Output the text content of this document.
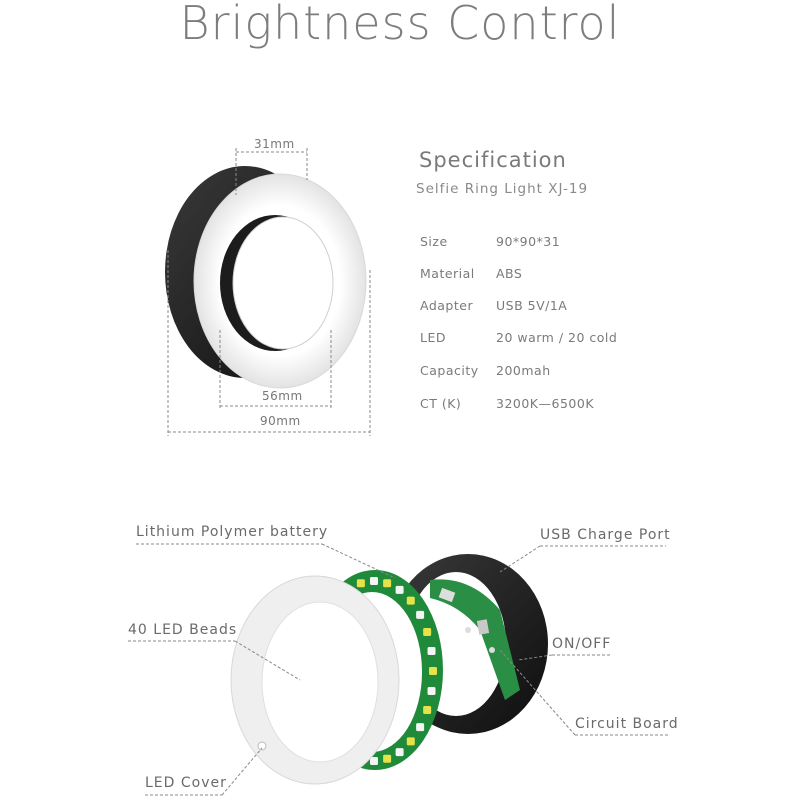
Brightness Control
Specification
Selfie Ring Light XJ-19
Size	90*90*31
Material ABS
Adapter USB 5V/1A
LED	20 warm / 20 cold
Capacity 200mah
CT (K)	3200K—6500K
31mm
56mm
90mm
Lithium Polymer battery	USB Charge Port
40 LED Beads
ON/OFF
Circuit Board
LED Cover
